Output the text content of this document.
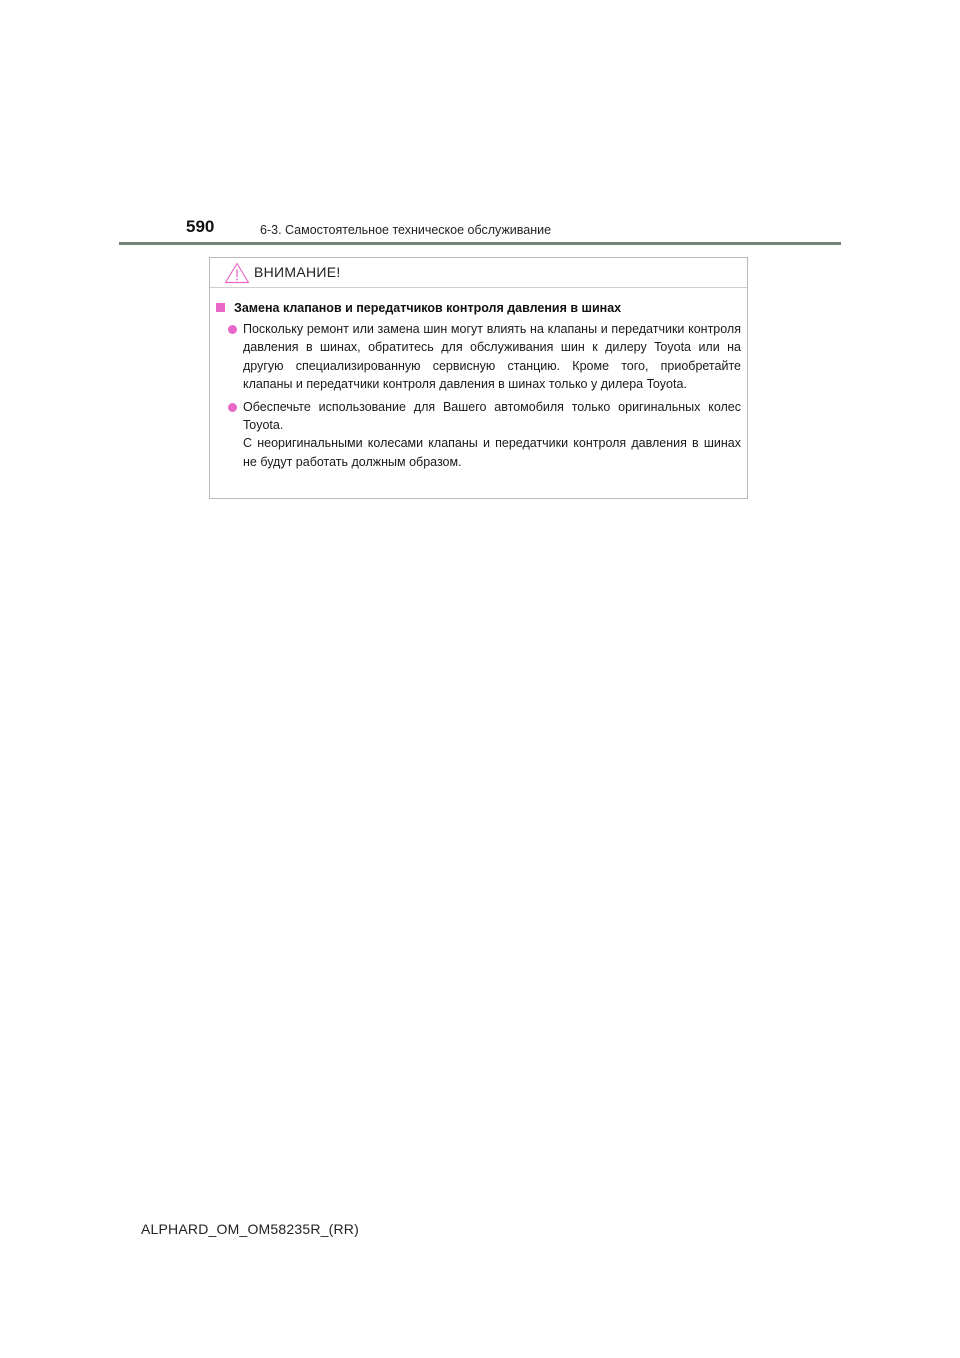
590	6-3. Самостоятельное техническое обслуживание
ВНИМАНИЕ!
Замена клапанов и передатчиков контроля давления в шинах
Поскольку ремонт или замена шин могут влиять на клапаны и передатчики контроля давления в шинах, обратитесь для обслуживания шин к дилеру Toyota или на другую специализированную сервисную станцию. Кроме того, приобретайте клапаны и передатчики контроля давления в шинах только у дилера Toyota.
Обеспечьте использование для Вашего автомобиля только оригинальных колес Toyota.
С неоригинальными колесами клапаны и передатчики контроля давления в шинах не будут работать должным образом.
ALPHARD_OM_OM58235R_(RR)
